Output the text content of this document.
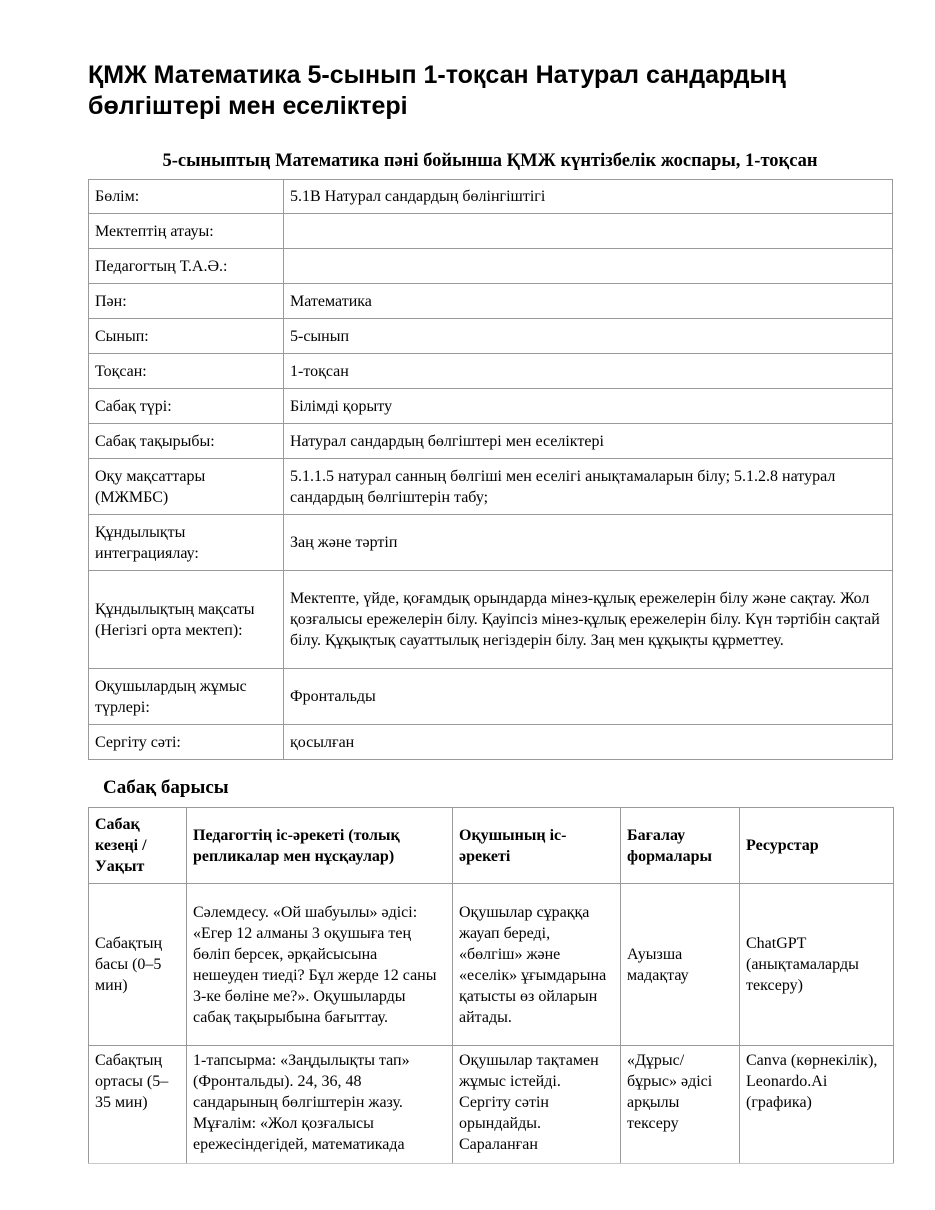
ҚМЖ Математика 5-сынып 1-тоқсан Натурал сандардың бөлгіштері мен еселіктері

5-сыныптың Математика пәні бойынша ҚМЖ күнтізбелік жоспары, 1-тоқсан

Бөлім:	5.1В Натурал сандардың бөлінгіштігі
Мектептің атауы:	
Педагогтың Т.А.Ә.:	
Пән:	Математика
Сынып:	5-сынып
Тоқсан:	1-тоқсан
Сабақ түрі:	Білімді қорыту
Сабақ тақырыбы:	Натурал сандардың бөлгіштері мен еселіктері
Оқу мақсаттары (МЖМБС)	5.1.1.5 натурал санның бөлгіші мен еселігі анықтамаларын білу; 5.1.2.8 натурал сандардың бөлгіштерін табу;
Құндылықты интеграциялау:	Заң және тәртіп
Құндылықтың мақсаты (Негізгі орта мектеп):	Мектепте, үйде, қоғамдық орындарда мінез-құлық ережелерін білу және сақтау. Жол қозғалысы ережелерін білу. Қауіпсіз мінез-құлық ережелерін білу. Күн тәртібін сақтай білу. Құқықтық сауаттылық негіздерін білу. Заң мен құқықты құрметтеу.
Оқушылардың жұмыс түрлері:	Фронтальды
Сергіту сәті:	қосылған

Сабақ барысы

Сабақ кезеңі / Уақыт	Педагогтің іс-әрекеті (толық репликалар мен нұсқаулар)	Оқушының іс-әрекеті	Бағалау формалары	Ресурстар
Сабақтың басы (0–5 мин)	Сәлемдесу. «Ой шабуылы» әдісі: «Егер 12 алманы 3 оқушыға тең бөліп берсек, әрқайсысына нешеуден тиеді? Бұл жерде 12 саны 3-ке бөліне ме?». Оқушыларды сабақ тақырыбына бағыттау.	Оқушылар сұраққа жауап береді, «бөлгіш» және «еселік» ұғымдарына қатысты өз ойларын айтады.	Ауызша мадақтау	ChatGPT (анықтамаларды тексеру)
Сабақтың ортасы (5–35 мин)	1-тапсырма: «Заңдылықты тап» (Фронтальды). 24, 36, 48 сандарының бөлгіштерін жазу. Мұғалім: «Жол қозғалысы ережесіндегідей, математикада	Оқушылар тақтамен жұмыс істейді. Сергіту сәтін орындайды. Сараланған	«Дұрыс/ бұрыс» әдісі арқылы тексеру	Canva (көрнекілік), Leonardo.Ai (графика)
